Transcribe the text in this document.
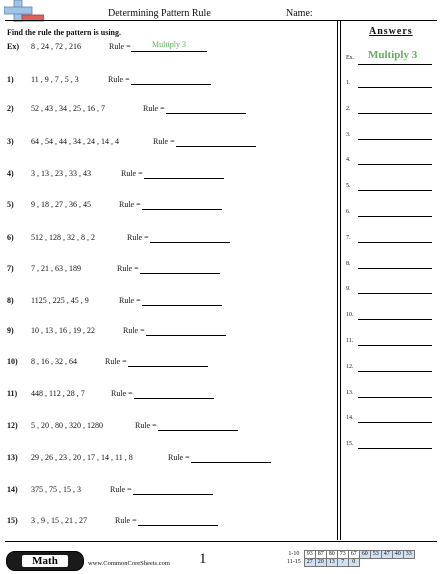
Determining Pattern Rule	Name:
Find the rule the pattern is using.
Ex) 8 , 24 , 72 , 216	Rule =	Multiply 3
1) 11 , 9 , 7 , 5 , 3	Rule =
2) 52 , 43 , 34 , 25 , 16 , 7	Rule =
3) 64 , 54 , 44 , 34 , 24 , 14 , 4	Rule =
4) 3 , 13 , 23 , 33 , 43	Rule =
5) 9 , 18 , 27 , 36 , 45	Rule =
6) 512 , 128 , 32 , 8 , 2	Rule =
7) 7 , 21 , 63 , 189	Rule =
8) 1125 , 225 , 45 , 9	Rule =
9) 10 , 13 , 16 , 19 , 22	Rule =
10) 8 , 16 , 32 , 64	Rule =
11) 448 , 112 , 28 , 7	Rule =
12) 5 , 20 , 80 , 320 , 1280	Rule =
13) 29 , 26 , 23 , 20 , 17 , 14 , 11 , 8	Rule =
14) 375 , 75 , 15 , 3	Rule =
15) 3 , 9 , 15 , 21 , 27	Rule =
Answers
Ex. Multiply 3
1.
2.
3.
4.
5.
6.
7.
8.
9.
10.
11.
12.
13.
14.
15.
Math	www.CommonCoreSheets.com 1	1-10	93	87	80	73	67	60	53	47	40	33
11-15	27	20	13	7	0					
